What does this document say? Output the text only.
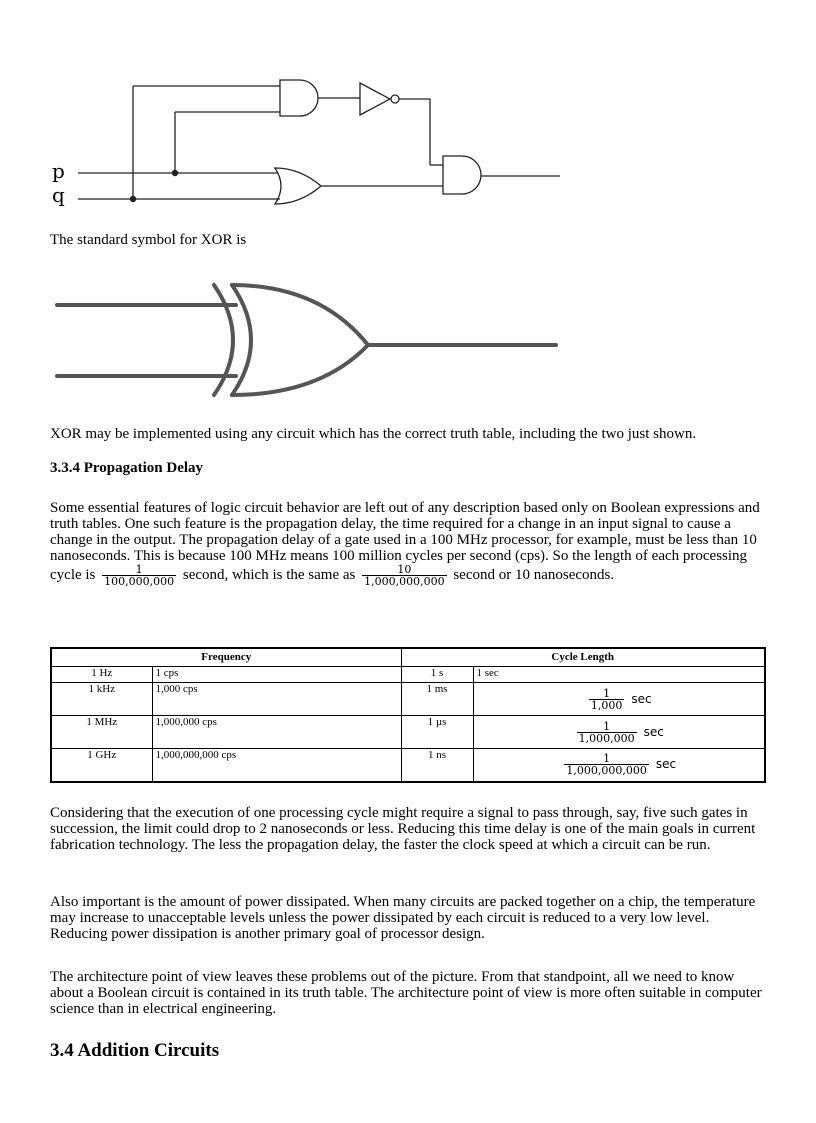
p
q
The standard symbol for XOR is
XOR may be implemented using any circuit which has the correct truth table, including the two just shown.
3.3.4 Propagation Delay
Some essential features of logic circuit behavior are left out of any description based only on Boolean expressions and truth tables. One such feature is the propagation delay, the time required for a change in an input signal to cause a change in the output. The propagation delay of a gate used in a 100 MHz processor, for example, must be less than 10 nanoseconds. This is because 100 MHz means 100 million cycles per second (cps). So the length of each processing cycle is $\frac{1}{100,000,000}$ second, which is the same as $\frac{10}{1,000,000,000}$ second or 10 nanoseconds.
Frequency		Cycle Length	
1 Hz	1 cps	1 s	1 sec
1 kHz	1,000 cps	1 ms	$\frac{1}{1,000}$ sec
1 MHz	1,000,000 cps	1 µs	$\frac{1}{1,000,000}$ sec
1 GHz	1,000,000,000 cps	1 ns	$\frac{1}{1,000,000,000}$ sec
Considering that the execution of one processing cycle might require a signal to pass through, say, five such gates in succession, the limit could drop to 2 nanoseconds or less. Reducing this time delay is one of the main goals in current fabrication technology. The less the propagation delay, the faster the clock speed at which a circuit can be run.
Also important is the amount of power dissipated. When many circuits are packed together on a chip, the temperature may increase to unacceptable levels unless the power dissipated by each circuit is reduced to a very low level. Reducing power dissipation is another primary goal of processor design.
The architecture point of view leaves these problems out of the picture. From that standpoint, all we need to know about a Boolean circuit is contained in its truth table. The architecture point of view is more often suitable in computer science than in electrical engineering.
3.4 Addition Circuits
